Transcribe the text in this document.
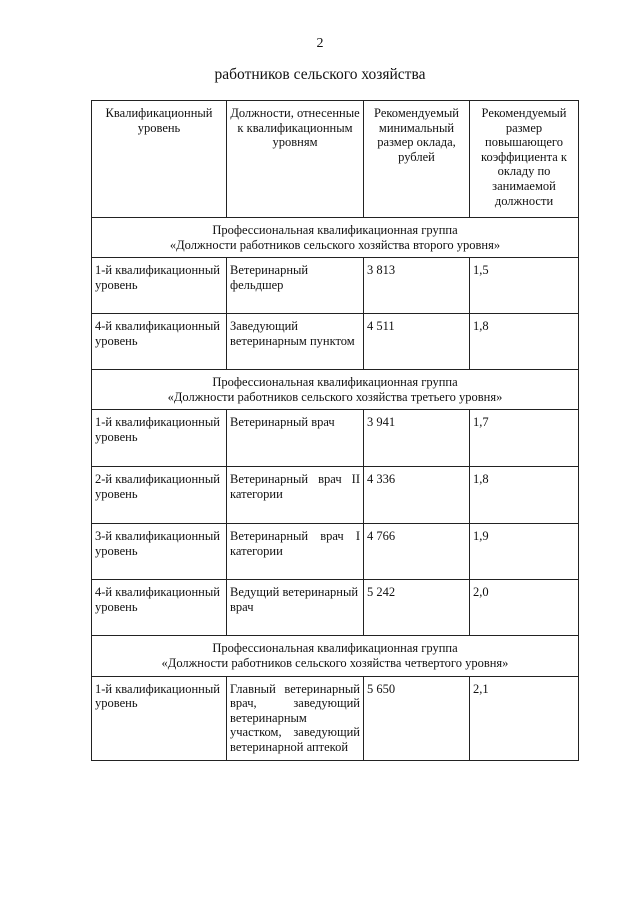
2
работников сельского хозяйства
Квалификационный уровень	Должности, отнесенные к квалификационным уровням	Рекомендуемый минимальный размер оклада, рублей	Рекомендуемый размер повышающего коэффициента к окладу по занимаемой должности

Профессиональная квалификационная группа
«Должности работников сельского хозяйства второго уровня»			

1-й квалификационный уровень	Ветеринарный фельдшер	3 813	1,5
4-й квалификационный уровень	Заведующий ветеринарным пунктом	4 511	1,8

Профессиональная квалификационная группа
«Должности работников сельского хозяйства третьего уровня»			

1-й квалификационный уровень	Ветеринарный врач	3 941	1,7
2-й квалификационный уровень	Ветеринарный врач II категории	4 336	1,8
3-й квалификационный уровень	Ветеринарный врач I категории	4 766	1,9
4-й квалификационный уровень	Ведущий ветеринарный врач	5 242	2,0

Профессиональная квалификационная группа
«Должности работников сельского хозяйства четвертого уровня»			

1-й квалификационный уровень	Главный ветеринарный врач, заведующий ветеринарным участком, заведующий ветеринарной аптекой	5 650	2,1
